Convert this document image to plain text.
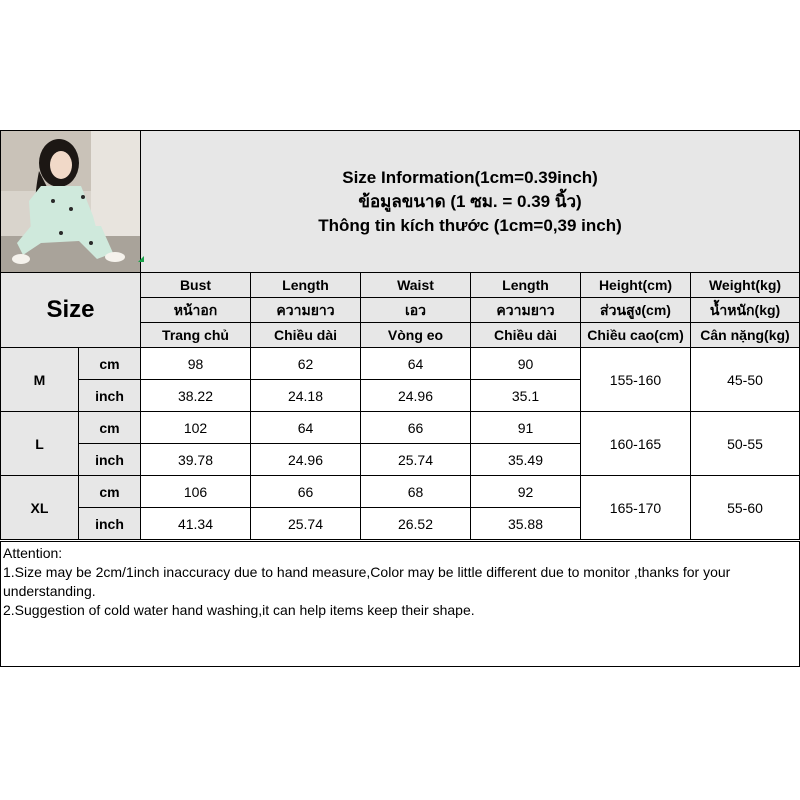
Size Information(1cm=0.39inch)
ข้อมูลขนาด (1 ซม. = 0.39 นิ้ว)
Thông tin kích thước (1cm=0,39 inch)					

Size		Bust	Length	Waist	Length	Height(cm)	Weight(kg)
		หน้าอก	ความยาว	เอว	ความยาว	ส่วนสูง(cm)	น้ำหนัก(kg)
		Trang chủ	Chiều dài	Vòng eo	Chiều dài	Chiều cao(cm)	Cân nặng(kg)
M	cm	98	62	64	90	155-160	45-50
	inch	38.22	24.18	24.96	35.1		
L	cm	102	64	66	91	160-165	50-55
	inch	39.78	24.96	25.74	35.49		
XL	cm	106	66	68	92	165-170	55-60
	inch	41.34	25.74	26.52	35.88		

Attention:

1.Size may be 2cm/1inch inaccuracy due to hand measure,Color may be little different due to monitor ,thanks for your understanding.

2.Suggestion of cold water hand washing,it can help items keep their shape.
